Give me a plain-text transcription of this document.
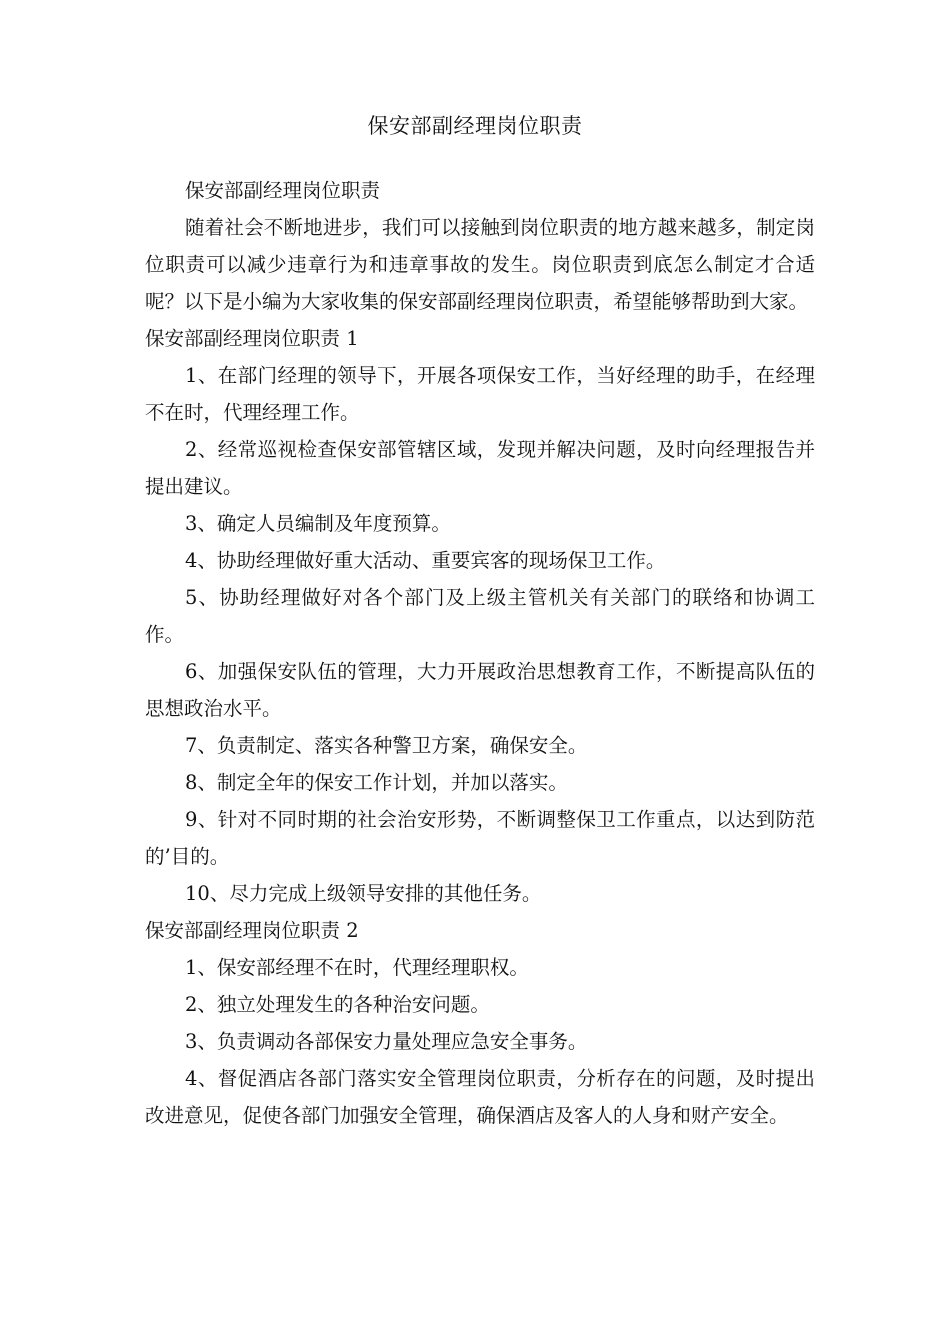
保安部副经理岗位职责

保安部副经理岗位职责

随着社会不断地进步，我们可以接触到岗位职责的地方越来越多，制定岗位职责可以减少违章行为和违章事故的发生。岗位职责到底怎么制定才合适呢？以下是小编为大家收集的保安部副经理岗位职责，希望能够帮助到大家。

保安部副经理岗位职责 1

1、在部门经理的领导下，开展各项保安工作，当好经理的助手，在经理不在时，代理经理工作。

2、经常巡视检查保安部管辖区域，发现并解决问题，及时向经理报告并提出建议。

3、确定人员编制及年度预算。

4、协助经理做好重大活动、重要宾客的现场保卫工作。

5、协助经理做好对各个部门及上级主管机关有关部门的联络和协调工作。

6、加强保安队伍的管理，大力开展政治思想教育工作，不断提高队伍的思想政治水平。

7、负责制定、落实各种警卫方案，确保安全。

8、制定全年的保安工作计划，并加以落实。

9、针对不同时期的社会治安形势，不断调整保卫工作重点，以达到防范的’目的。

10、尽力完成上级领导安排的其他任务。

保安部副经理岗位职责 2

1、保安部经理不在时，代理经理职权。

2、独立处理发生的各种治安问题。

3、负责调动各部保安力量处理应急安全事务。

4、督促酒店各部门落实安全管理岗位职责，分析存在的问题，及时提出改进意见，促使各部门加强安全管理，确保酒店及客人的人身和财产安全。
